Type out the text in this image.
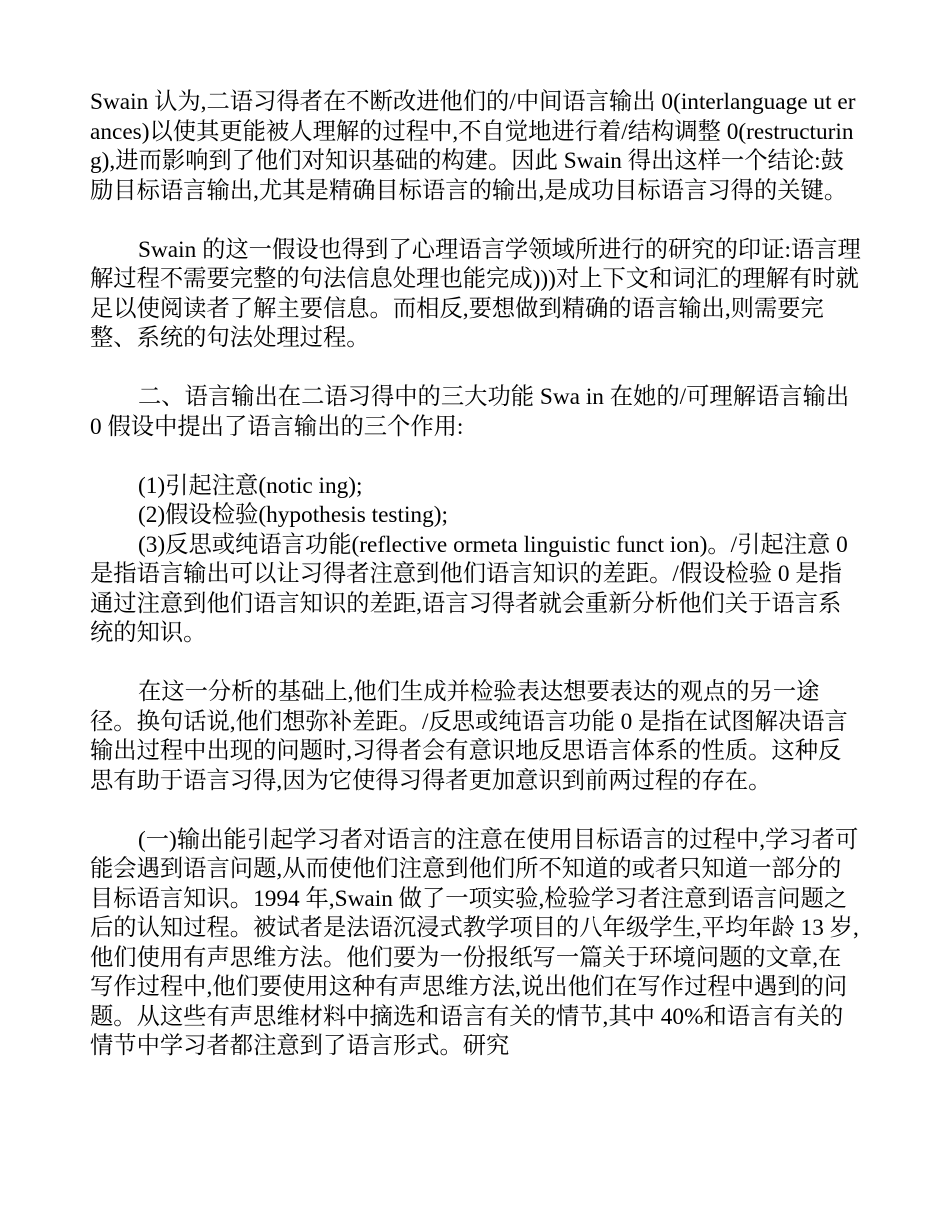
Swain 认为,二语习得者在不断改进他们的/中间语言输出 0(interlanguage ut erances)以使其更能被人理解的过程中,不自觉地进行着/结构调整 0(restructuring),进而影响到了他们对知识基础的构建。因此 Swain 得出这样一个结论:鼓励目标语言输出,尤其是精确目标语言的输出,是成功目标语言习得的关键。

Swain 的这一假设也得到了心理语言学领域所进行的研究的印证:语言理解过程不需要完整的句法信息处理也能完成)))对上下文和词汇的理解有时就足以使阅读者了解主要信息。而相反,要想做到精确的语言输出,则需要完整、系统的句法处理过程。

二、语言输出在二语习得中的三大功能 Swa in 在她的/可理解语言输出 0 假设中提出了语言输出的三个作用:

(1)引起注意(notic ing);

(2)假设检验(hypothesis testing);

(3)反思或纯语言功能(reflective ormeta linguistic funct ion)。/引起注意 0 是指语言输出可以让习得者注意到他们语言知识的差距。/假设检验 0 是指通过注意到他们语言知识的差距,语言习得者就会重新分析他们关于语言系统的知识。

在这一分析的基础上,他们生成并检验表达想要表达的观点的另一途径。换句话说,他们想弥补差距。/反思或纯语言功能 0 是指在试图解决语言输出过程中出现的问题时,习得者会有意识地反思语言体系的性质。这种反思有助于语言习得,因为它使得习得者更加意识到前两过程的存在。

(一)输出能引起学习者对语言的注意在使用目标语言的过程中,学习者可能会遇到语言问题,从而使他们注意到他们所不知道的或者只知道一部分的目标语言知识。1994 年,Swain 做了一项实验,检验学习者注意到语言问题之后的认知过程。被试者是法语沉浸式教学项目的八年级学生,平均年龄 13 岁,他们使用有声思维方法。他们要为一份报纸写一篇关于环境问题的文章,在写作过程中,他们要使用这种有声思维方法,说出他们在写作过程中遇到的问题。从这些有声思维材料中摘选和语言有关的情节,其中 40%和语言有关的情节中学习者都注意到了语言形式。研究
